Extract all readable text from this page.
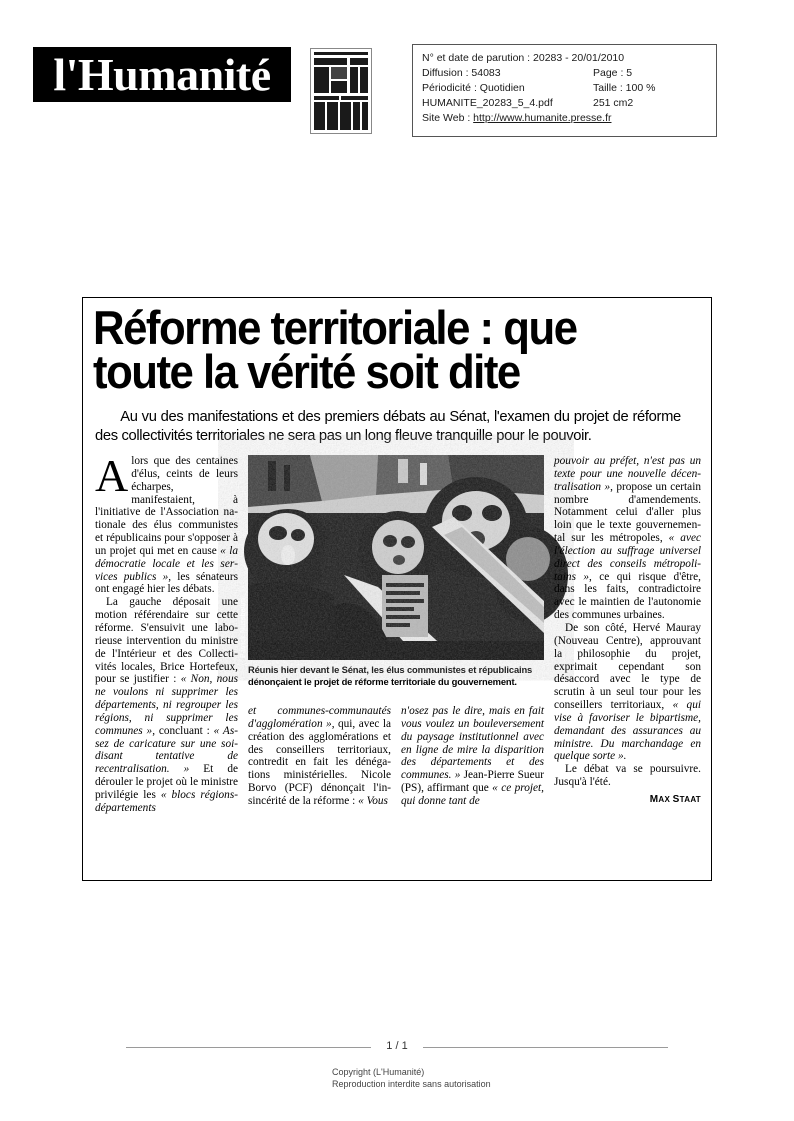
l'Humanité	N° et date de parution : 20283 - 20/01/2010
Diffusion : 54083	Page : 5
Périodicité : Quotidien	Taille : 100 %
HUMANITE_20283_5_4.pdf	251 cm2
Site Web : http://www.humanite.presse.fr
Réforme territoriale : que
toute la vérité soit dite
Au vu des manifestations et des premiers débats au Sénat, l'examen du projet de réforme des collectivités territoriales ne sera pas un long fleuve tranquille pour le pouvoir.
Patrick Nussbaum
Réunis hier devant le Sénat, les élus communistes et républicains dénonçaient le projet de réforme territoriale du gouvernement.

Alors que des centaines d'élus, ceints de leurs écharpes, manifestaient, à l'initiative de l'Association nationale des élus communistes et républicains pour s'opposer à un projet qui met en cause « la démocratie locale et les services publics », les sénateurs ont engagé hier les débats.

La gauche déposait une motion référendaire sur cette réforme. S'ensuivit une laborieuse intervention du ministre de l'Intérieur et des Collectivités locales, Brice Hortefeux, pour se justifier : « Non, nous ne voulons ni supprimer les départements, ni regrouper les régions, ni supprimer les communes », concluant : « Assez de caricature sur une soi-disant tentative de recentralisation. » Et de dérouler le projet où le ministre privilégie les « blocs régions-départements

et communes-communautés d'agglomération », qui, avec la création des agglomérations et des conseillers territoriaux, contredit en fait les dénégations ministérielles. Nicole Borvo (PCF) dénonçait l'insincérité de la réforme : « Vous

n'osez pas le dire, mais en fait vous voulez un bouleversement du paysage institutionnel avec en ligne de mire la disparition des départements et des communes. » Jean-Pierre Sueur (PS), affirmant que « ce projet, qui donne tant de

pouvoir au préfet, n'est pas un texte pour une nouvelle décentralisation », propose un certain nombre d'amendements. Notamment celui d'aller plus loin que le texte gouvernemental sur les métropoles, « avec l'élection au suffrage universel direct des conseils métropolitains », ce qui risque d'être, dans les faits, contradictoire avec le maintien de l'autonomie des communes urbaines.

De son côté, Hervé Mauray (Nouveau Centre), approuvant la philosophie du projet, exprimait cependant son désaccord avec le type de scrutin à un seul tour pour les conseillers territoriaux, « qui vise à favoriser le bipartisme, demandant des assurances au ministre. Du marchandage en quelque sorte ».

Le débat va se poursuivre. Jusqu'à l'été.

MAX STAAT
1 / 1
Copyright (L'Humanité)
Reproduction interdite sans autorisation
